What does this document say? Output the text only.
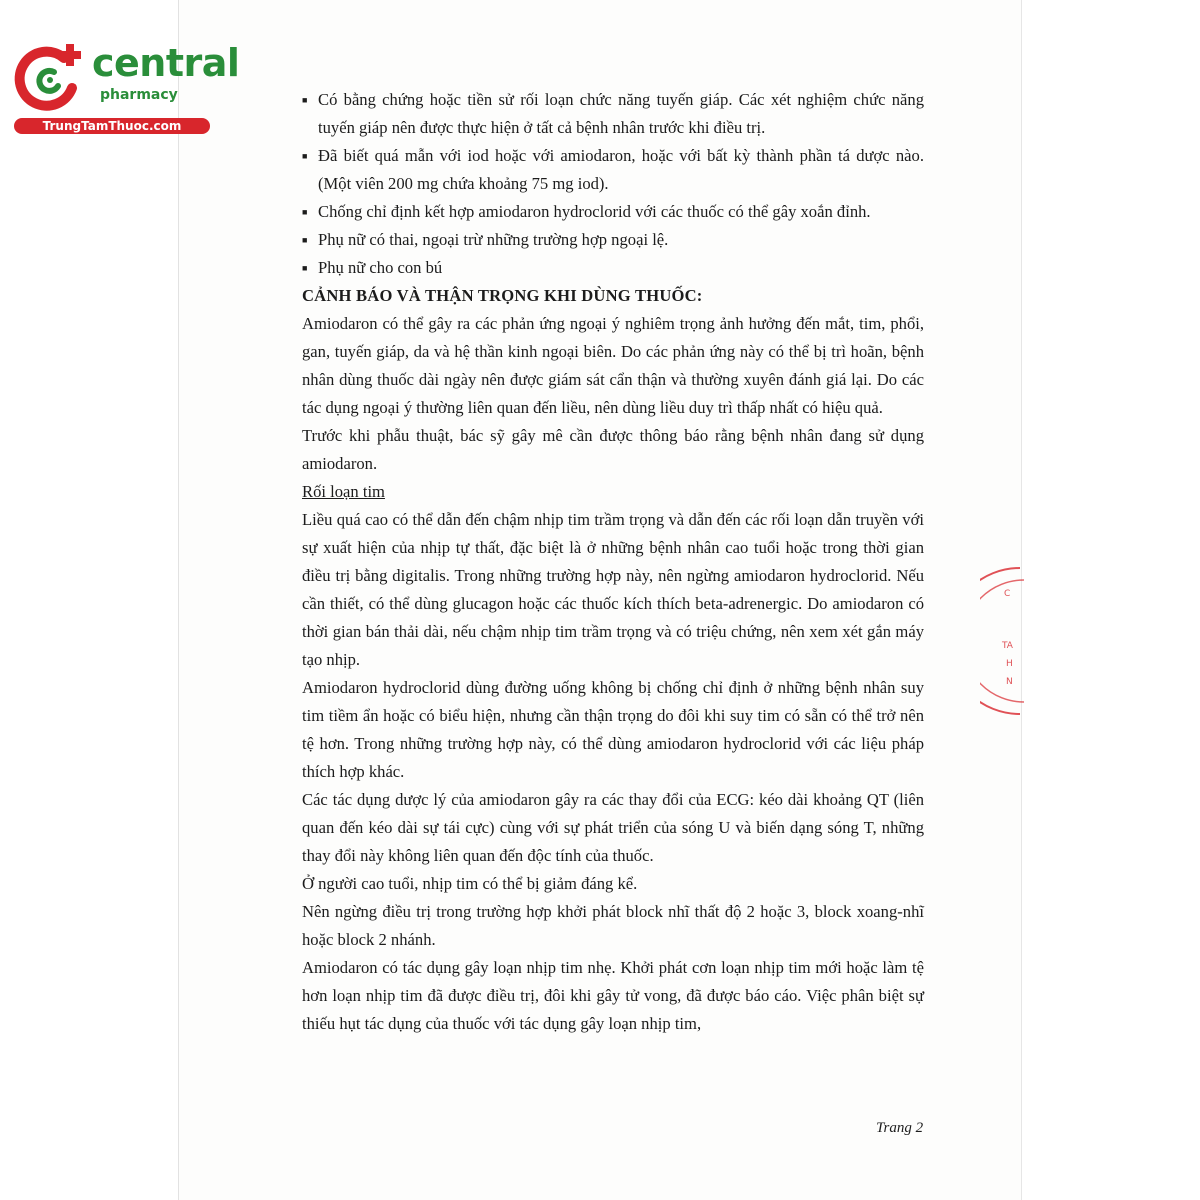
central
pharmacy
TrungTamThuoc.com
C
TA
H
N

■ Có bằng chứng hoặc tiền sử rối loạn chức năng tuyến giáp. Các xét nghiệm chức năng tuyến giáp nên được thực hiện ở tất cả bệnh nhân trước khi điều trị.

■ Đã biết quá mẫn với iod hoặc với amiodaron, hoặc với bất kỳ thành phần tá dược nào. (Một viên 200 mg chứa khoảng 75 mg iod).

■ Chống chỉ định kết hợp amiodaron hydroclorid với các thuốc có thể gây xoắn đỉnh.

■ Phụ nữ có thai, ngoại trừ những trường hợp ngoại lệ.

■ Phụ nữ cho con bú

CẢNH BÁO VÀ THẬN TRỌNG KHI DÙNG THUỐC:

Amiodaron có thể gây ra các phản ứng ngoại ý nghiêm trọng ảnh hưởng đến mắt, tim, phổi, gan, tuyến giáp, da và hệ thần kinh ngoại biên. Do các phản ứng này có thể bị trì hoãn, bệnh nhân dùng thuốc dài ngày nên được giám sát cẩn thận và thường xuyên đánh giá lại. Do các tác dụng ngoại ý thường liên quan đến liều, nên dùng liều duy trì thấp nhất có hiệu quả.

Trước khi phẫu thuật, bác sỹ gây mê cần được thông báo rằng bệnh nhân đang sử dụng amiodaron.

Rối loạn tim

Liều quá cao có thể dẫn đến chậm nhịp tim trầm trọng và dẫn đến các rối loạn dẫn truyền với sự xuất hiện của nhịp tự thất, đặc biệt là ở những bệnh nhân cao tuổi hoặc trong thời gian điều trị bằng digitalis. Trong những trường hợp này, nên ngừng amiodaron hydroclorid. Nếu cần thiết, có thể dùng glucagon hoặc các thuốc kích thích beta-adrenergic. Do amiodaron có thời gian bán thải dài, nếu chậm nhịp tim trầm trọng và có triệu chứng, nên xem xét gắn máy tạo nhịp.

Amiodaron hydroclorid dùng đường uống không bị chống chỉ định ở những bệnh nhân suy tim tiềm ẩn hoặc có biểu hiện, nhưng cần thận trọng do đôi khi suy tim có sẵn có thể trở nên tệ hơn. Trong những trường hợp này, có thể dùng amiodaron hydroclorid với các liệu pháp thích hợp khác.

Các tác dụng dược lý của amiodaron gây ra các thay đổi của ECG: kéo dài khoảng QT (liên quan đến kéo dài sự tái cực) cùng với sự phát triển của sóng U và biến dạng sóng T, những thay đổi này không liên quan đến độc tính của thuốc.

Ở người cao tuổi, nhịp tim có thể bị giảm đáng kể.

Nên ngừng điều trị trong trường hợp khởi phát block nhĩ thất độ 2 hoặc 3, block xoang-nhĩ hoặc block 2 nhánh.

Amiodaron có tác dụng gây loạn nhịp tim nhẹ. Khởi phát cơn loạn nhịp tim mới hoặc làm tệ hơn loạn nhịp tim đã được điều trị, đôi khi gây tử vong, đã được báo cáo. Việc phân biệt sự thiếu hụt tác dụng của thuốc với tác dụng gây loạn nhịp tim,

Trang 2
